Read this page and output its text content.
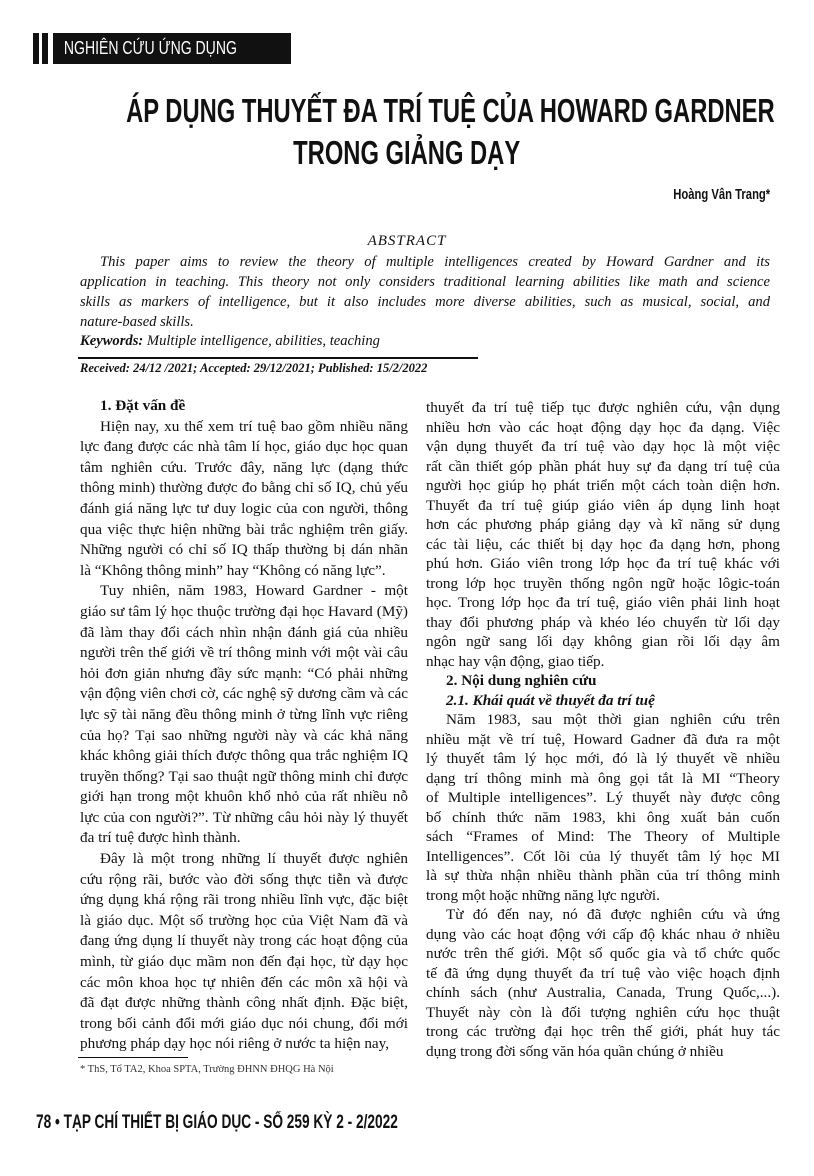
NGHIÊN CỨU ỨNG DỤNG
ÁP DỤNG THUYẾT ĐA TRÍ TUỆ CỦA HOWARD GARDNER
TRONG GIẢNG DẠY
Hoàng Vân Trang*
ABSTRACT
This paper aims to review the theory of multiple intelligences created by Howard Gardner and its
application in teaching. This theory not only considers traditional learning abilities like math and science
skills as markers of intelligence, but it also includes more diverse abilities, such as musical, social, and
nature-based skills.
Keywords: Multiple intelligence, abilities, teaching
Received: 24/12 /2021; Accepted: 29/12/2021; Published: 15/2/2022
1. Đặt vấn đề
Hiện nay, xu thế xem trí tuệ bao gồm nhiều năng
lực đang được các nhà tâm lí học, giáo dục học quan
tâm nghiên cứu. Trước đây, năng lực (dạng thức
thông minh) thường được đo bằng chỉ số IQ, chủ yếu
đánh giá năng lực tư duy logic của con người, thông
qua việc thực hiện những bài trắc nghiệm trên giấy.
Những người có chỉ số IQ thấp thường bị dán nhãn
là “Không thông minh” hay “Không có năng lực”.
Tuy nhiên, năm 1983, Howard Gardner - một
giáo sư tâm lý học thuộc trường đại học Havard (Mỹ)
đã làm thay đổi cách nhìn nhận đánh giá của nhiều
người trên thế giới về trí thông minh với một vài câu
hỏi đơn giản nhưng đầy sức mạnh: “Có phải những
vận động viên chơi cờ, các nghệ sỹ dương cầm và các
lực sỹ tài năng đều thông minh ở từng lĩnh vực riêng
của họ? Tại sao những người này và các khả năng
khác không giải thích được thông qua trắc nghiệm IQ
truyền thống? Tại sao thuật ngữ thông minh chỉ được
giới hạn trong một khuôn khổ nhỏ của rất nhiều nỗ
lực của con người?”. Từ những câu hỏi này lý thuyết
đa trí tuệ được hình thành.
Đây là một trong những lí thuyết được nghiên
cứu rộng rãi, bước vào đời sống thực tiễn và được
ứng dụng khá rộng rãi trong nhiều lĩnh vực, đặc biệt
là giáo dục. Một số trường học của Việt Nam đã và
đang ứng dụng lí thuyết này trong các hoạt động của
mình, từ giáo dục mầm non đến đại học, từ dạy học
các môn khoa học tự nhiên đến các môn xã hội và
đã đạt được những thành công nhất định. Đặc biệt,
trong bối cảnh đổi mới giáo dục nói chung, đổi mới
phương pháp dạy học nói riêng ở nước ta hiện nay,
thuyết đa trí tuệ tiếp tục được nghiên cứu, vận dụng
nhiều hơn vào các hoạt động dạy học đa dạng. Việc
vận dụng thuyết đa trí tuệ vào dạy học là một việc
rất cần thiết góp phần phát huy sự đa dạng trí tuệ của
người học giúp họ phát triển một cách toàn diện hơn.
Thuyết đa trí tuệ giúp giáo viên áp dụng linh hoạt
hơn các phương pháp giảng dạy và kĩ năng sử dụng
các tài liệu, các thiết bị dạy học đa dạng hơn, phong
phú hơn. Giáo viên trong lớp học đa trí tuệ khác với
trong lớp học truyền thống ngôn ngữ hoặc lôgic-toán
học. Trong lớp học đa trí tuệ, giáo viên phải linh hoạt
thay đổi phương pháp và khéo léo chuyển từ lối dạy
ngôn ngữ sang lối dạy không gian rồi lối dạy âm
nhạc hay vận động, giao tiếp.
2. Nội dung nghiên cứu
2.1. Khái quát về thuyết đa trí tuệ
Năm 1983, sau một thời gian nghiên cứu trên
nhiều mặt về trí tuệ, Howard Gadner đã đưa ra một
lý thuyết tâm lý học mới, đó là lý thuyết về nhiều
dạng trí thông minh mà ông gọi tắt là MI “Theory
of Multiple intelligences”. Lý thuyết này được công
bố chính thức năm 1983, khi ông xuất bản cuốn
sách “Frames of Mind: The Theory of Multiple
Intelligences”. Cốt lõi của lý thuyết tâm lý học MI
là sự thừa nhận nhiều thành phần của trí thông minh
trong một hoặc những năng lực người.
Từ đó đến nay, nó đã được nghiên cứu và ứng
dụng vào các hoạt động với cấp độ khác nhau ở nhiều
nước trên thế giới. Một số quốc gia và tổ chức quốc
tế đã ứng dụng thuyết đa trí tuệ vào việc hoạch định
chính sách (như Australia, Canada, Trung Quốc,...).
Thuyết này còn là đối tượng nghiên cứu học thuật
trong các trường đại học trên thế giới, phát huy tác
dụng trong đời sống văn hóa quần chúng ở nhiều
* ThS, Tổ TA2, Khoa SPTA, Trường ĐHNN ĐHQG Hà Nội
78 • TẠP CHÍ THIẾT BỊ GIÁO DỤC - SỐ 259 KỲ 2 - 2/2022
